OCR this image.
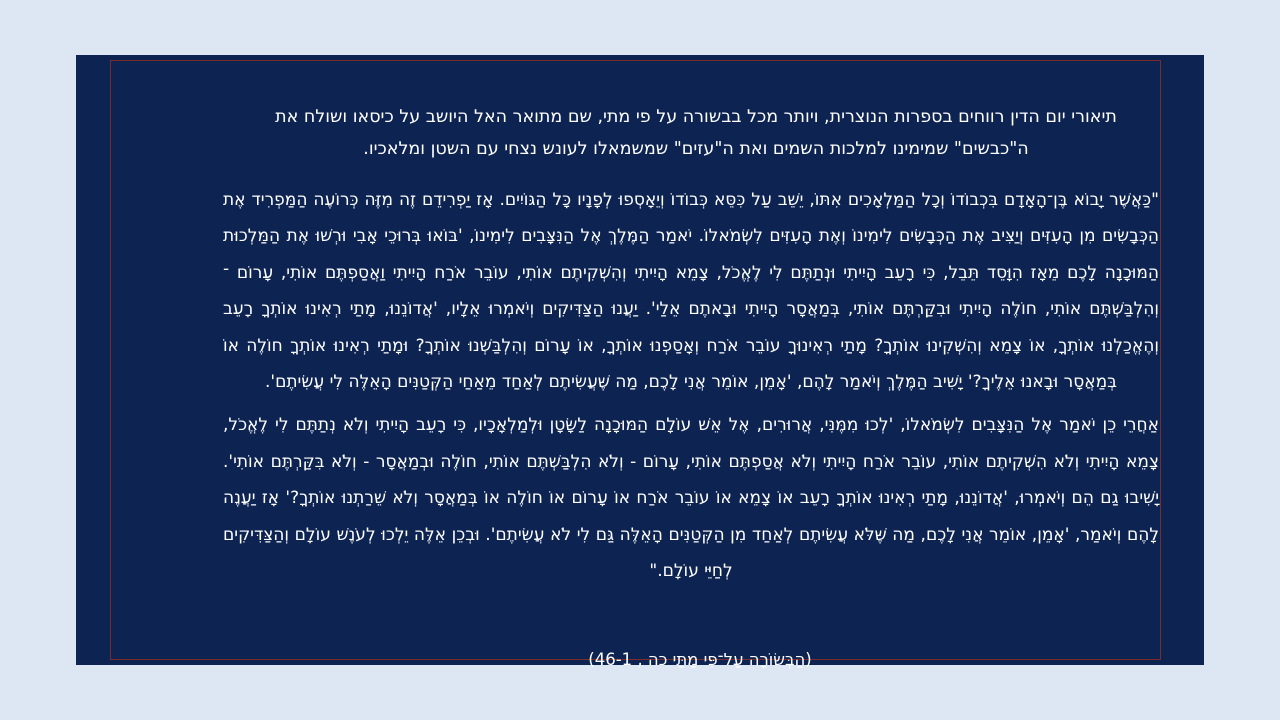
תיאורי יום הדין רווחים בספרות הנוצרית, ויותר מכל בבשורה על פי מתי, שם מתואר האל היושב על כיסאו ושולח את ה"כבשים" שמימינו למלכות השמים ואת ה"עזים" שמשמאלו לעונש נצחי עם השטן ומלאכיו.

"כַּאֲשֶׁר יָבוֹא בֶּן־הָאָדָם בִּכְבוֹדוֹ וְכָל הַמַּלְאָכִים אִתּוֹ, יֵשֵׁב עַל כִּסֵּא כְּבוֹדוֹ וְיֵאָסְפוּ לְפָנָיו כָּל הַגּוֹיִים. אָז יַפְרִידֵם זֶה מִזֶּה כְּרוֹעֶה הַמַּפְרִיד אֶת הַכְּבָשִׂים מִן הָעִזִּים וְיַצִּיב אֶת הַכְּבָשִׂים לִימִינוֹ וְאֶת הָעִזִּים לִשְׂמֹאלוֹ. יֹאמַר הַמֶּלֶךְ אֶל הַנִּצָּבִים לִימִינוֹ, 'בּוֹאוּ בְּרוּכֵי אָבִי וּרְשׁוּ אֶת הַמַּלְכוּת הַמּוּכָנָה לָכֶם מֵאָז הִוָּסֵד תֵּבֵל, כִּי רָעֵב הָיִיתִי וּנְתַתֶּם לִי לֶאֱכֹל, צָמֵא הָיִיתִי וְהִשְׁקִיתֶם אוֹתִי, עוֹבֵר אֹרַח הָיִיתִי וַאֲסַפְתֶּם אוֹתִי, עָרוֹם ־וְהִלְבַּשְׁתֶּם אוֹתִי, חוֹלֶה הָיִיתִי וּבִקַּרְתֶּם אוֹתִי, בְּמַאֲסָר הָיִיתִי וּבָאתֶם אֵלַי'. יַעֲנוּ הַצַּדִּיקִים וְיֹאמְרוּ אֵלָיו, 'אֲדוֹנֵנוּ, מָתַי רְאִינוּ אוֹתְךָ רָעֵב וְהֶאֱכַלְנוּ אוֹתְךָ, אוֹ צָמֵא וְהִשְׁקִינוּ אוֹתְךָ? מָתַי רְאִינוּךָ עוֹבֵר אֹרַח וְאָסַפְנוּ אוֹתְךָ, אוֹ עָרוֹם וְהִלְבַּשְׁנוּ אוֹתְךָ? וּמָתַי רְאִינוּ אוֹתְךָ חוֹלֶה אוֹ בְּמַאֲסָר וּבָאנוּ אֵלֶיךָ?' יָשִׁיב הַמֶּלֶךְ וְיֹאמַר לָהֶם, 'אָמֵן, אוֹמֵר אֲנִי לָכֶם, מַה שֶּׁעֲשִׂיתֶם לְאַחַד מֵאַחַי הַקְּטַנִּים הָאֵלֶּה לִי עֲשִׂיתֶם'.

אַחֲרֵי כֵן יֹאמַר אֶל הַנִּצָּבִים לִשְׂמֹאלוֹ, 'לְכוּ מִמֶּנִּי, אֲרוּרִים, אֶל אֵשׁ עוֹלָם הַמּוּכָנָה לַשָּׂטָן וּלְמַלְאָכָיו, כִּי רָעֵב הָיִיתִי וְלֹא נְתַתֶּם לִי לֶאֱכֹל, צָמֵא הָיִיתִי וְלֹא הִשְׁקִיתֶם אוֹתִי, עוֹבֵר אֹרַח הָיִיתִי וְלֹא אֲסַפְתֶּם אוֹתִי, עָרוֹם - וְלֹא הִלְבַּשְׁתֶּם אוֹתִי, חוֹלֶה וּבְמַאֲסָר - וְלֹא בִּקַּרְתֶּם אוֹתִי'. יָשִׁיבוּ גַם הֵם וְיֹאמְרוּ, 'אֲדוֹנֵנוּ, מָתַי רְאִינוּ אוֹתְךָ רָעֵב אוֹ צָמֵא אוֹ עוֹבֵר אֹרַח אוֹ עָרוֹם אוֹ חוֹלֶה אוֹ בְּמַאֲסָר וְלֹא שֵׁרַתְנוּ אוֹתְךָ?' אָז יַעֲנֶה לָהֶם וְיֹאמַר, 'אָמֵן, אוֹמֵר אֲנִי לָכֶם, מַה שֶּׁלֹּא עֲשִׂיתֶם לְאַחַד מִן הַקְּטַנִּים הָאֵלֶּה גַּם לִי לֹא עֲשִׂיתֶם'. וּבְכֵן אֵלֶּה יֵלְכוּ לְעֹנֶשׁ עוֹלָם וְהַצַּדִּיקִים לְחַיֵּי עוֹלָם."

(הַבְּשׂוֹרָה עַל־פִּי מַתַּי כה , 46-1)
